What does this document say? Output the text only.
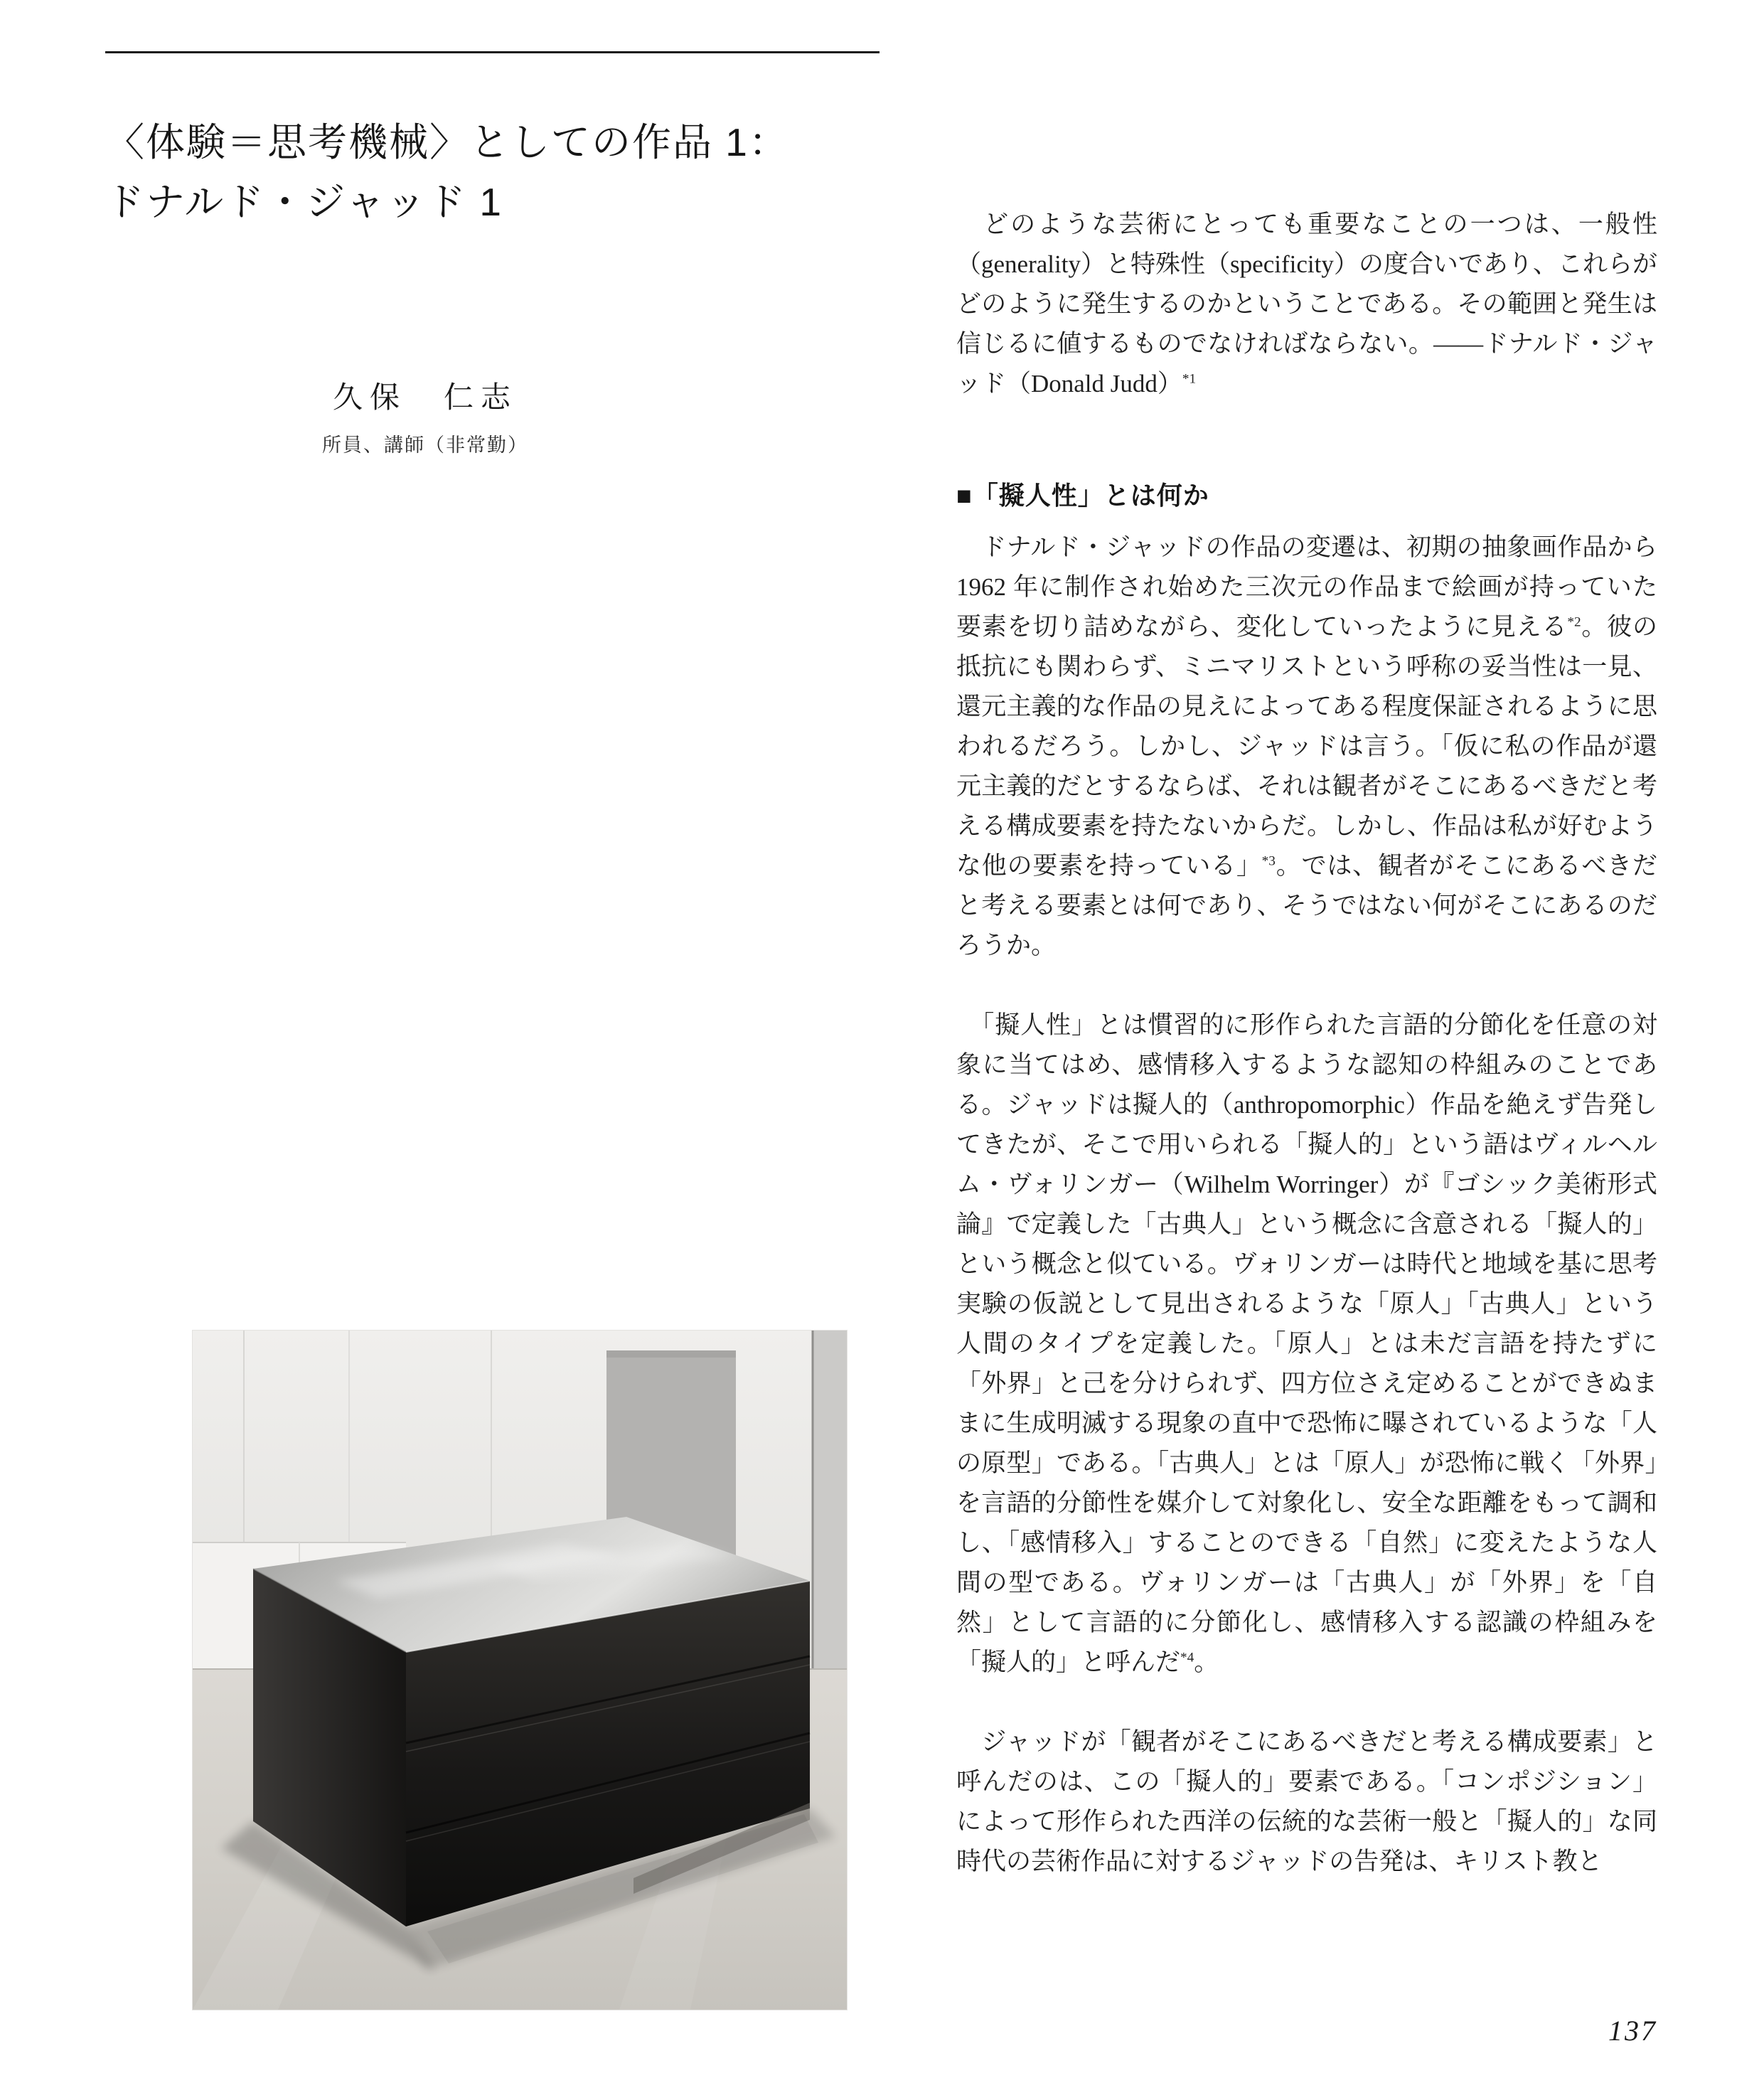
〈体験＝思考機械〉としての作品 1：
ドナルド・ジャッド 1
久保　仁志
所員、講師（非常勤）

　どのような芸術にとっても重要なことの一つは、一般性（generality）と特殊性（specificity）の度合いであり、これらがどのように発生するのかということである。その範囲と発生は信じるに値するものでなければならない。――ドナルド・ジャッド（Donald Judd）$^{*1}$

■「擬人性」とは何か

　ドナルド・ジャッドの作品の変遷は、初期の抽象画作品から 1962 年に制作され始めた三次元の作品まで絵画が持っていた要素を切り詰めながら、変化していったように見える$^{*2}$。彼の抵抗にも関わらず、ミニマリストという呼称の妥当性は一見、還元主義的な作品の見えによってある程度保証されるように思われるだろう。しかし、ジャッドは言う。「仮に私の作品が還元主義的だとするならば、それは観者がそこにあるべきだと考える構成要素を持たないからだ。しかし、作品は私が好むような他の要素を持っている」$^{*3}$。では、観者がそこにあるべきだと考える要素とは何であり、そうではない何がそこにあるのだろうか。

　「擬人性」とは慣習的に形作られた言語的分節化を任意の対象に当てはめ、感情移入するような認知の枠組みのことである。ジャッドは擬人的（anthropomorphic）作品を絶えず告発してきたが、そこで用いられる「擬人的」という語はヴィルヘルム・ヴォリンガー（Wilhelm Worringer）が『ゴシック美術形式論』で定義した「古典人」という概念に含意される「擬人的」という概念と似ている。ヴォリンガーは時代と地域を基に思考実験の仮説として見出されるような「原人」「古典人」という人間のタイプを定義した。「原人」とは未だ言語を持たずに「外界」と己を分けられず、四方位さえ定めることができぬままに生成明滅する現象の直中で恐怖に曝されているような「人の原型」である。「古典人」とは「原人」が恐怖に戦く「外界」を言語的分節性を媒介して対象化し、安全な距離をもって調和し、「感情移入」することのできる「自然」に変えたような人間の型である。ヴォリンガーは「古典人」が「外界」を「自然」として言語的に分節化し、感情移入する認識の枠組みを「擬人的」と呼んだ$^{*4}$。

　ジャッドが「観者がそこにあるべきだと考える構成要素」と呼んだのは、この「擬人的」要素である。「コンポジション」によって形作られた西洋の伝統的な芸術一般と「擬人的」な同時代の芸術作品に対するジャッドの告発は、キリスト教と

137
